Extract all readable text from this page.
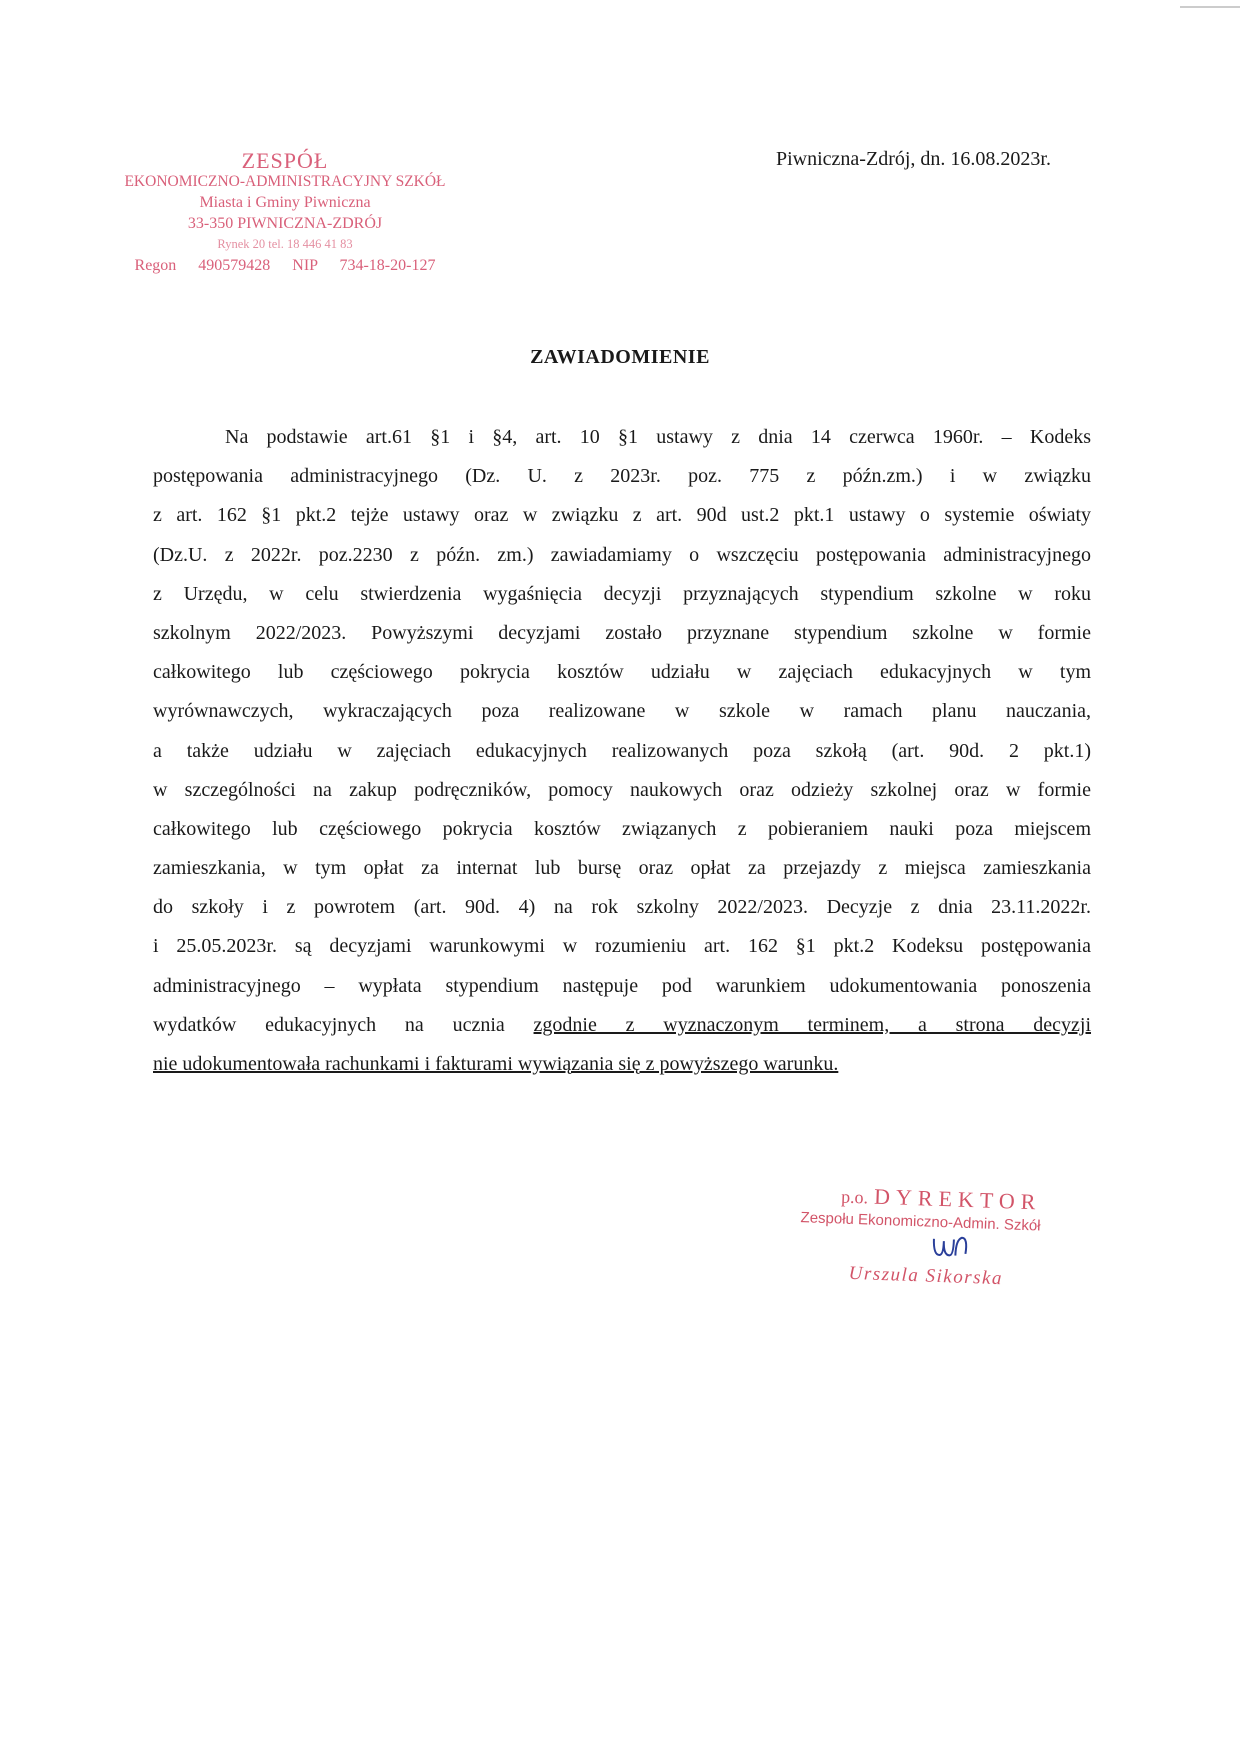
ZESPÓŁ
EKONOMICZNO-ADMINISTRACYJNY SZKÓŁ
Miasta i Gminy Piwniczna
33-350 PIWNICZNA-ZDRÓJ
Rynek 20 tel. 18 446 41 83
Regon 490579428 NIP 734-18-20-127
Piwniczna-Zdrój, dn. 16.08.2023r.
ZAWIADOMIENIE
Na podstawie art.61 §1 i §4, art. 10 §1 ustawy z dnia 14 czerwca 1960r. – Kodeks
postępowania administracyjnego (Dz. U. z 2023r. poz. 775 z późn.zm.) i w związku
z art. 162 §1 pkt.2 tejże ustawy oraz w związku z art. 90d ust.2 pkt.1 ustawy o systemie oświaty
(Dz.U. z 2022r. poz.2230 z późn. zm.) zawiadamiamy o wszczęciu postępowania administracyjnego
z Urzędu, w celu stwierdzenia wygaśnięcia decyzji przyznających stypendium szkolne w roku
szkolnym 2022/2023. Powyższymi decyzjami zostało przyznane stypendium szkolne w formie
całkowitego lub częściowego pokrycia kosztów udziału w zajęciach edukacyjnych w tym
wyrównawczych, wykraczających poza realizowane w szkole w ramach planu nauczania,
a także udziału w zajęciach edukacyjnych realizowanych poza szkołą (art. 90d. 2 pkt.1)
w szczególności na zakup podręczników, pomocy naukowych oraz odzieży szkolnej oraz w formie
całkowitego lub częściowego pokrycia kosztów związanych z pobieraniem nauki poza miejscem
zamieszkania, w tym opłat za internat lub bursę oraz opłat za przejazdy z miejsca zamieszkania
do szkoły i z powrotem (art. 90d. 4) na rok szkolny 2022/2023. Decyzje z dnia 23.11.2022r.
i 25.05.2023r. są decyzjami warunkowymi w rozumieniu art. 162 §1 pkt.2 Kodeksu postępowania
administracyjnego – wypłata stypendium następuje pod warunkiem udokumentowania ponoszenia
wydatków edukacyjnych na ucznia zgodnie z wyznaczonym terminem, a strona decyzji
nie udokumentowała rachunkami i fakturami wywiązania się z powyższego warunku.
p.o. DYREKTOR
Zespołu Ekonomiczno-Admin. Szkół
Urszula Sikorska
